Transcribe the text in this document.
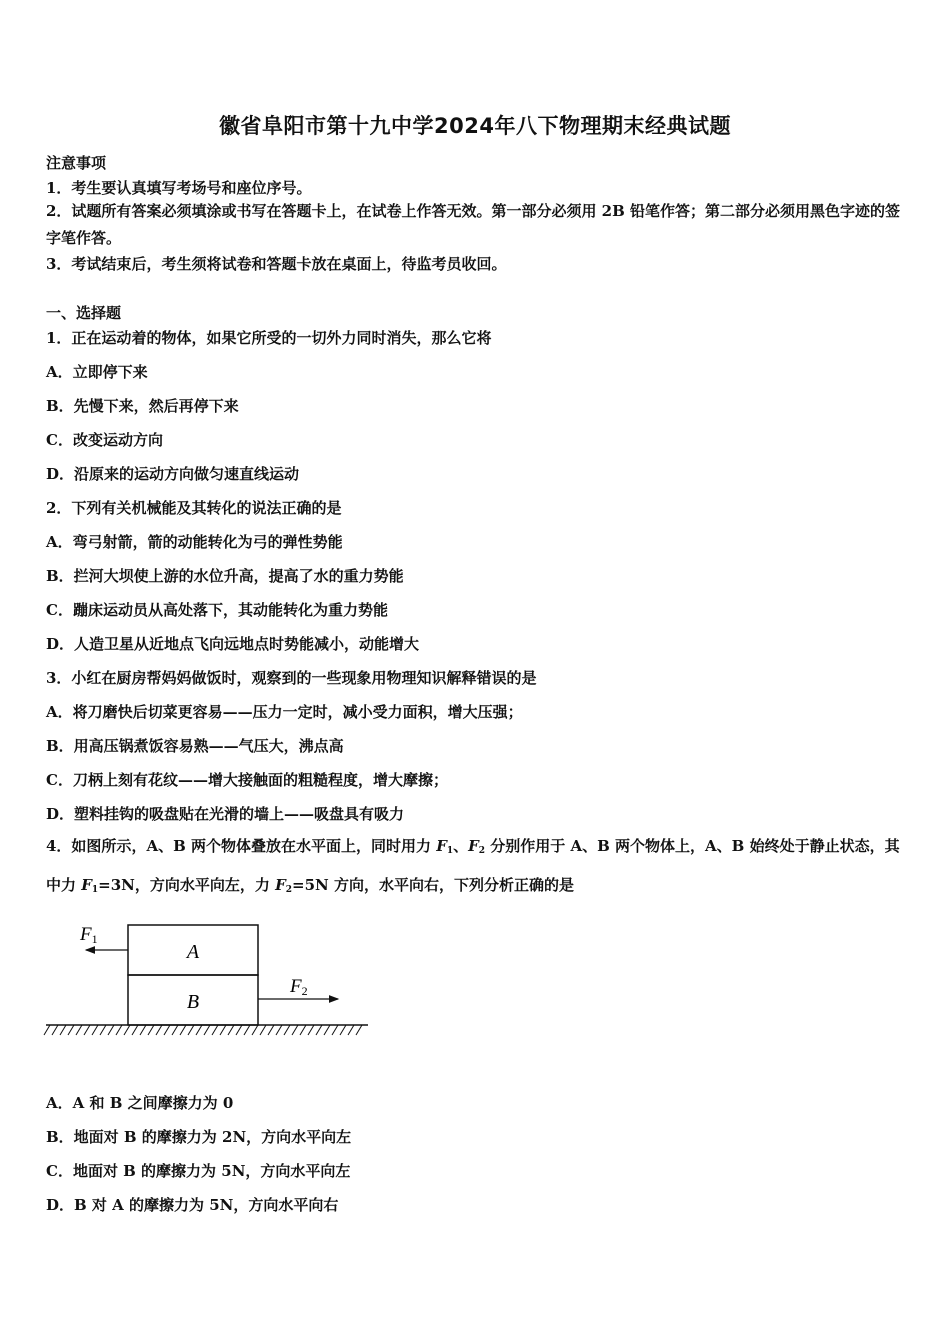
徽省阜阳市第十九中学2024年八下物理期末经典试题
注意事项
1．考生要认真填写考场号和座位序号。
2．试题所有答案必须填涂或书写在答题卡上，在试卷上作答无效。第一部分必须用 2B 铅笔作答；第二部分必须用黑色字迹的签字笔作答。
3．考试结束后，考生须将试卷和答题卡放在桌面上，待监考员收回。
一、选择题
1．正在运动着的物体，如果它所受的一切外力同时消失，那么它将
A．立即停下来
B．先慢下来，然后再停下来
C．改变运动方向
D．沿原来的运动方向做匀速直线运动
2．下列有关机械能及其转化的说法正确的是
A．弯弓射箭，箭的动能转化为弓的弹性势能
B．拦河大坝使上游的水位升高，提高了水的重力势能
C．蹦床运动员从高处落下，其动能转化为重力势能
D．人造卫星从近地点飞向远地点时势能减小，动能增大
3．小红在厨房帮妈妈做饭时，观察到的一些现象用物理知识解释错误的是
A．将刀磨快后切菜更容易——压力一定时，减小受力面积，增大压强；
B．用高压锅煮饭容易熟——气压大，沸点高
C．刀柄上刻有花纹——增大接触面的粗糙程度，增大摩擦；
D．塑料挂钩的吸盘贴在光滑的墙上——吸盘具有吸力
4．如图所示，A、B 两个物体叠放在水平面上，同时用力 $F_1$、$F_2$ 分别作用于 A、B 两个物体上，A、B 始终处于静止状态，其中力 $F_1=3N$，方向水平向左，力 $F_2=5N$ 方向，水平向右，下列分析正确的是
A
B
F1
F2
A．A 和 B 之间摩擦力为 0
B．地面对 B 的摩擦力为 2N，方向水平向左
C．地面对 B 的摩擦力为 5N，方向水平向左
D．B 对 A 的摩擦力为 5N，方向水平向右
